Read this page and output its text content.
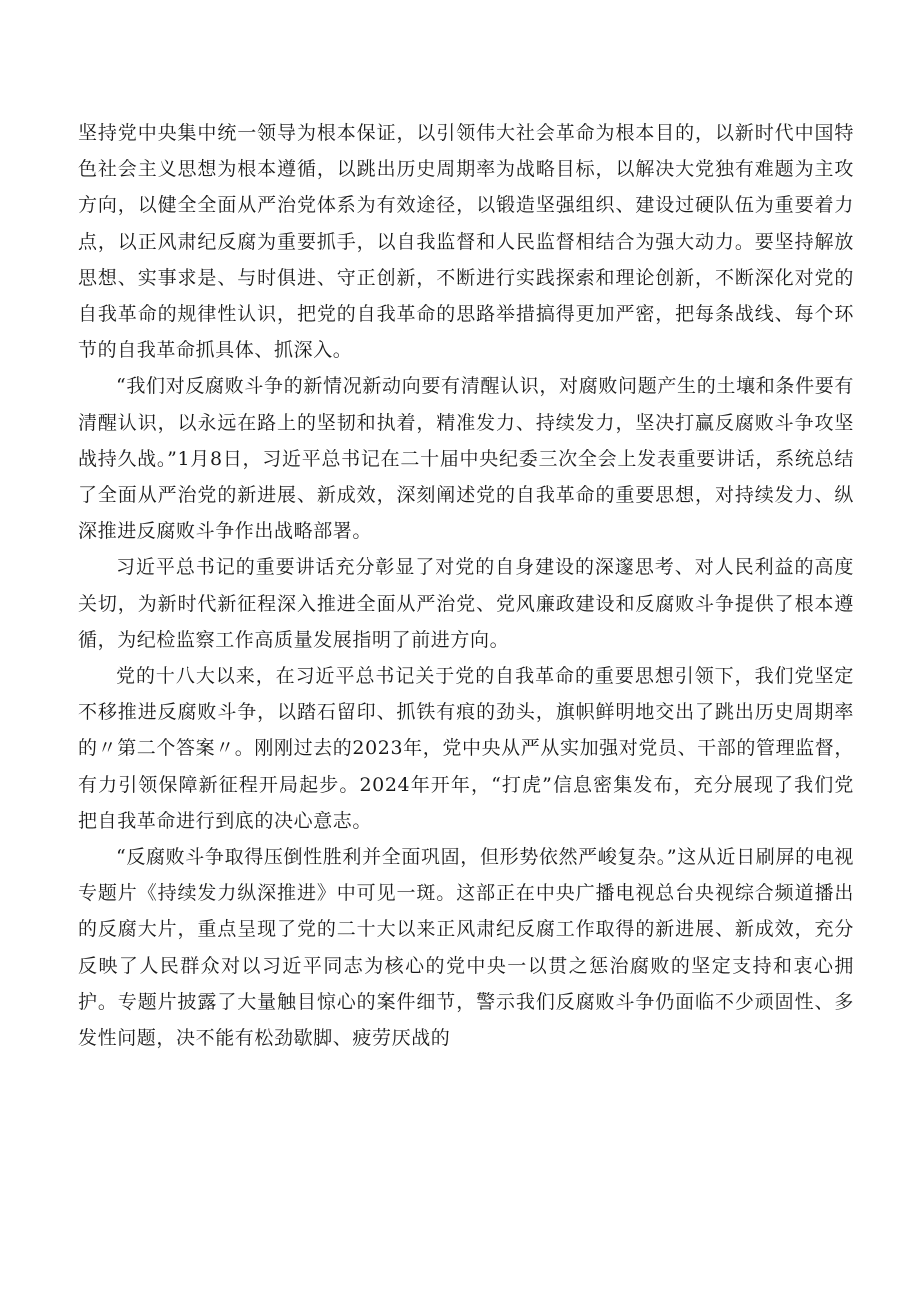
坚持党中央集中统一领导为根本保证，以引领伟大社会革命为根本目的，以新时代中国特色社会主义思想为根本遵循，以跳出历史周期率为战略目标，以解决大党独有难题为主攻方向，以健全全面从严治党体系为有效途径，以锻造坚强组织、建设过硬队伍为重要着力点，以正风肃纪反腐为重要抓手，以自我监督和人民监督相结合为强大动力。要坚持解放思想、实事求是、与时俱进、守正创新，不断进行实践探索和理论创新，不断深化对党的自我革命的规律性认识，把党的自我革命的思路举措搞得更加严密，把每条战线、每个环节的自我革命抓具体、抓深入。

“我们对反腐败斗争的新情况新动向要有清醒认识，对腐败问题产生的土壤和条件要有清醒认识，以永远在路上的坚韧和执着，精准发力、持续发力，坚决打赢反腐败斗争攻坚战持久战。”1月8日，习近平总书记在二十届中央纪委三次全会上发表重要讲话，系统总结了全面从严治党的新进展、新成效，深刻阐述党的自我革命的重要思想，对持续发力、纵深推进反腐败斗争作出战略部署。

习近平总书记的重要讲话充分彰显了对党的自身建设的深邃思考、对人民利益的高度关切，为新时代新征程深入推进全面从严治党、党风廉政建设和反腐败斗争提供了根本遵循，为纪检监察工作高质量发展指明了前进方向。

党的十八大以来，在习近平总书记关于党的自我革命的重要思想引领下，我们党坚定不移推进反腐败斗争，以踏石留印、抓铁有痕的劲头，旗帜鲜明地交出了跳出历史周期率的〃第二个答案〃。刚刚过去的2023年，党中央从严从实加强对党员、干部的管理监督，有力引领保障新征程开局起步。2024年开年，“打虎”信息密集发布，充分展现了我们党把自我革命进行到底的决心意志。

“反腐败斗争取得压倒性胜利并全面巩固，但形势依然严峻复杂。”这从近日刷屏的电视专题片《持续发力纵深推进》中可见一斑。这部正在中央广播电视总台央视综合频道播出的反腐大片，重点呈现了党的二十大以来正风肃纪反腐工作取得的新进展、新成效，充分反映了人民群众对以习近平同志为核心的党中央一以贯之惩治腐败的坚定支持和衷心拥护。专题片披露了大量触目惊心的案件细节，警示我们反腐败斗争仍面临不少顽固性、多发性问题，决不能有松劲歇脚、疲劳厌战的
